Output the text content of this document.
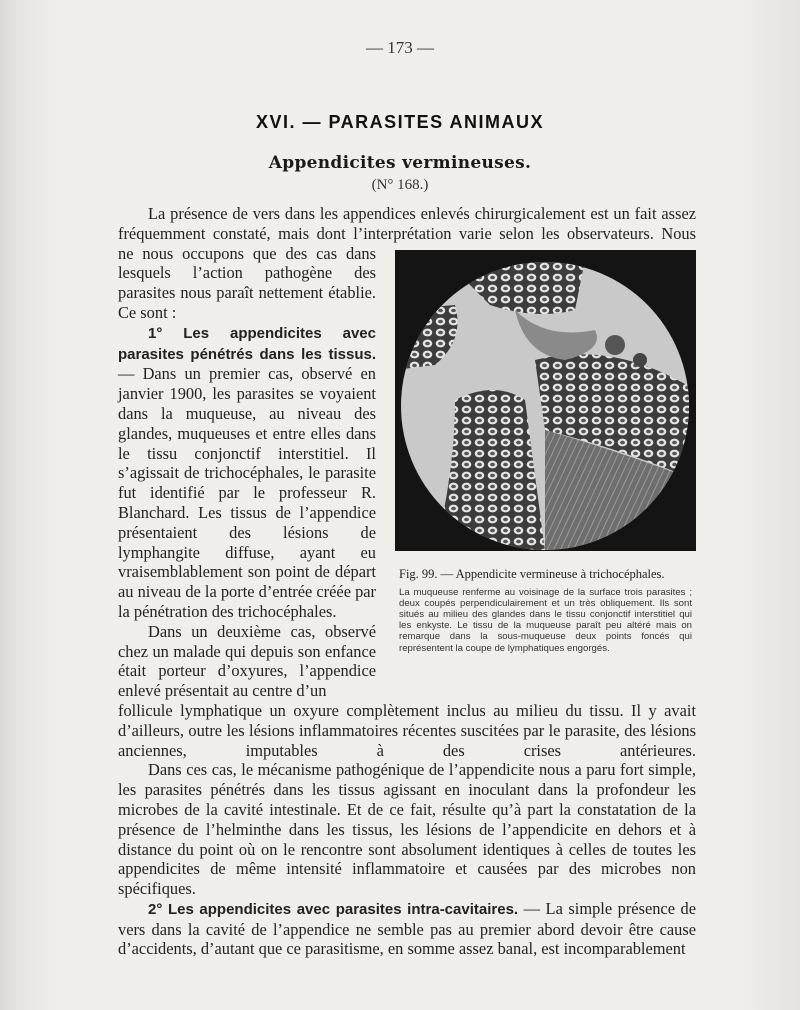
— 173 —
XVI. — PARASITES ANIMAUX
Appendicites vermineuses.
(N° 168.)

La présence de vers dans les appendices enlevés chirurgicalement est un fait assez fréquemment constaté, mais dont l’interprétation varie selon les observateurs. Nous

ne nous occupons que des cas dans lesquels l’action pathogène des parasites nous paraît nettement établie. Ce sont :

1° Les appendicites avec parasites pénétrés dans les tissus. — Dans un premier cas, observé en janvier 1900, les parasites se voyaient dans la muqueuse, au niveau des glandes, muqueuses et entre elles dans le tissu conjonctif interstitiel. Il s’agissait de trichocéphales, le parasite fut identifié par le professeur R. Blanchard. Les tissus de l’appendice présentaient des lésions de lymphangite diffuse, ayant eu vraisemblablement son point de départ au niveau de la porte d’entrée créée par la pénétration des trichocéphales.

Dans un deuxième cas, observé chez un malade qui depuis son enfance était porteur d’oxyures, l’appendice enlevé présentait au centre d’un

Fig. 99. — Appendicite vermineuse à trichocéphales.
La muqueuse renferme au voisinage de la surface trois parasites ; deux coupés perpendiculairement et un très obliquement. Ils sont situés au milieu des glandes dans le tissu conjonctif interstitiel qui les enkyste. Le tissu de la muqueuse paraît peu altéré mais on remarque dans la sous-muqueuse deux points foncés qui représentent la coupe de lymphatiques engorgés.

follicule lymphatique un oxyure complètement inclus au milieu du tissu. Il y avait d’ailleurs, outre les lésions inflammatoires récentes suscitées par le parasite, des lésions anciennes, imputables à des crises antérieures.

Dans ces cas, le mécanisme pathogénique de l’appendicite nous a paru fort simple, les parasites pénétrés dans les tissus agissant en inoculant dans la profondeur les microbes de la cavité intestinale. Et de ce fait, résulte qu’à part la constatation de la présence de l’helminthe dans les tissus, les lésions de l’appendicite en dehors et à distance du point où on le rencontre sont absolument identiques à celles de toutes les appendicites de même intensité inflammatoire et causées par des microbes non spécifiques.

2° Les appendicites avec parasites intra-cavitaires. — La simple présence de vers dans la cavité de l’appendice ne semble pas au premier abord devoir être cause d’accidents, d’autant que ce parasitisme, en somme assez banal, est incomparablement
